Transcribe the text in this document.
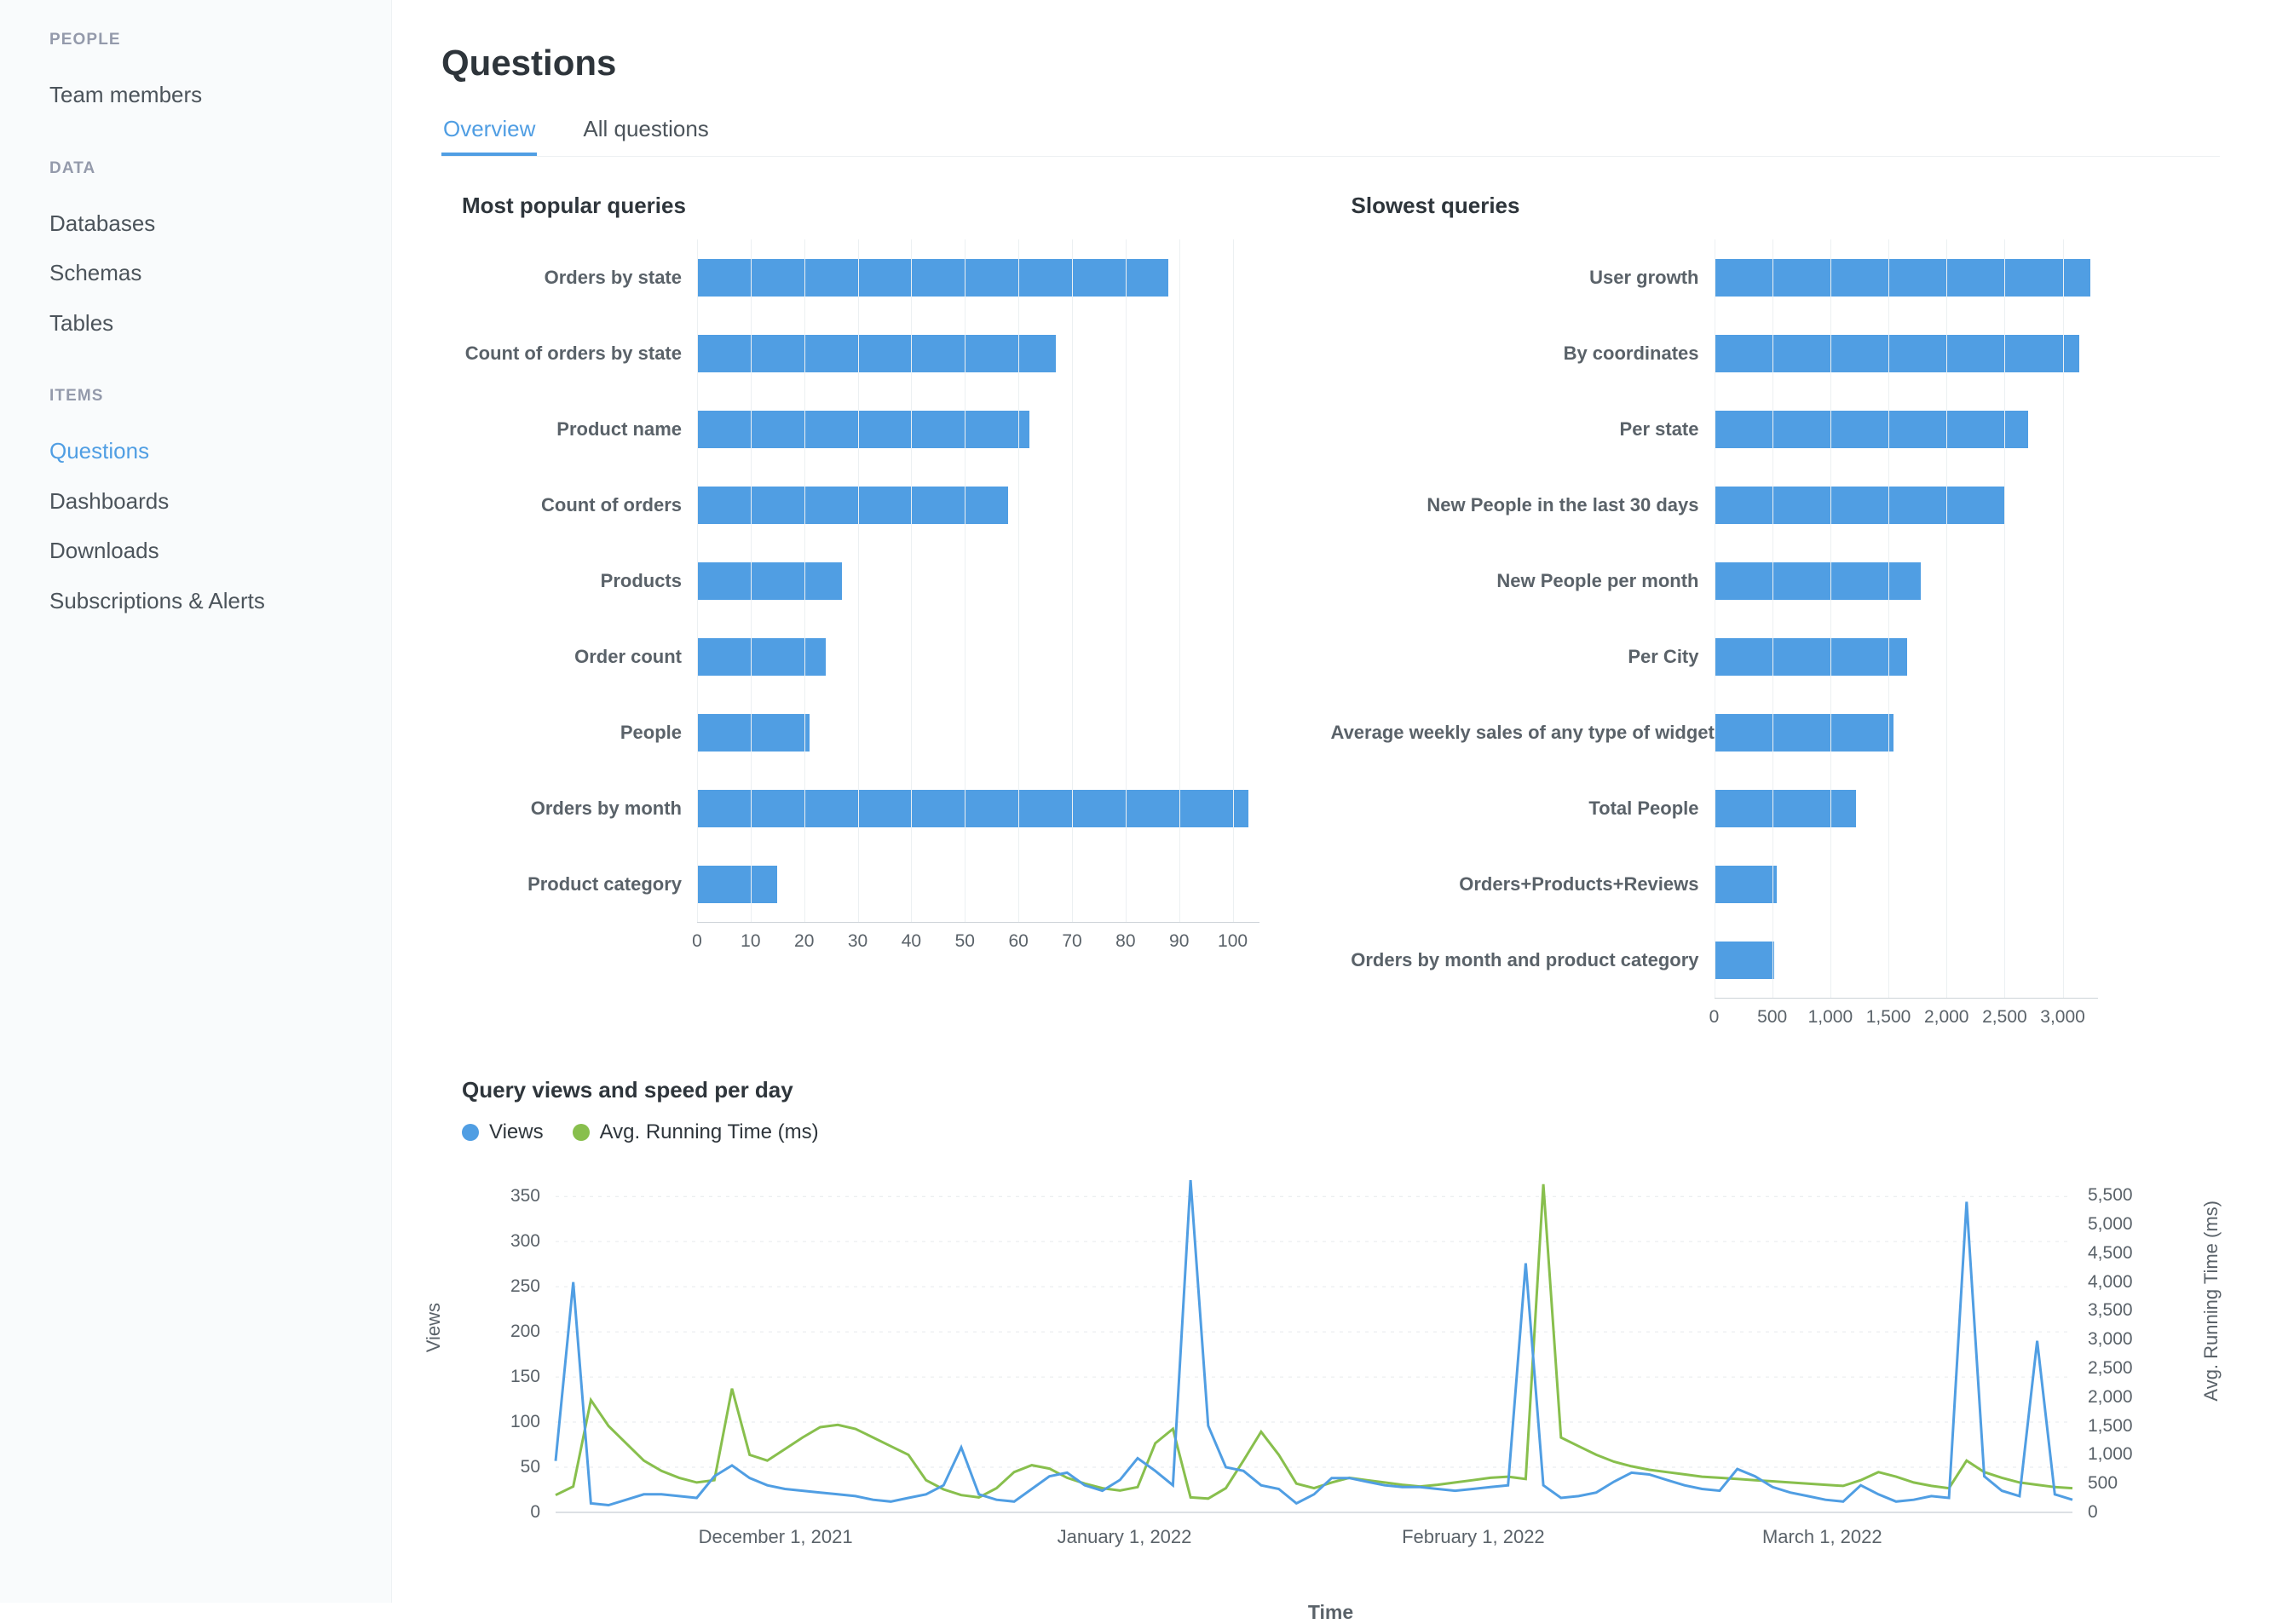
PEOPLE
Team members
DATA
Databases
Schemas
Tables
ITEMS
Questions
Dashboards
Downloads
Subscriptions & Alerts
Questions
Overview All questions
Most popular queries
Orders by state
Count of orders by state
Product name
Count of orders
Products
Order count
People
Orders by month
Product category
0 10 20 30 40 50 60 70 80 90 100
Slowest queries
User growth
By coordinates
Per state
New People in the last 30 days
New People per month
Per City
Average weekly sales of any type of widget
Total People
Orders+Products+Reviews
Orders by month and product category
0 500 1,000 1,500 2,000 2,500 3,000
Query views and speed per day
Views	Avg. Running Time (ms)
0
50
100
150
200
250
300
350
0
500
1,000
1,500
2,000
2,500
3,000
3,500
4,000
4,500
5,000
5,500
December 1, 2021	January 1, 2022	February 1, 2022	March 1, 2022
Views	Avg. Running Time (ms)
Time
